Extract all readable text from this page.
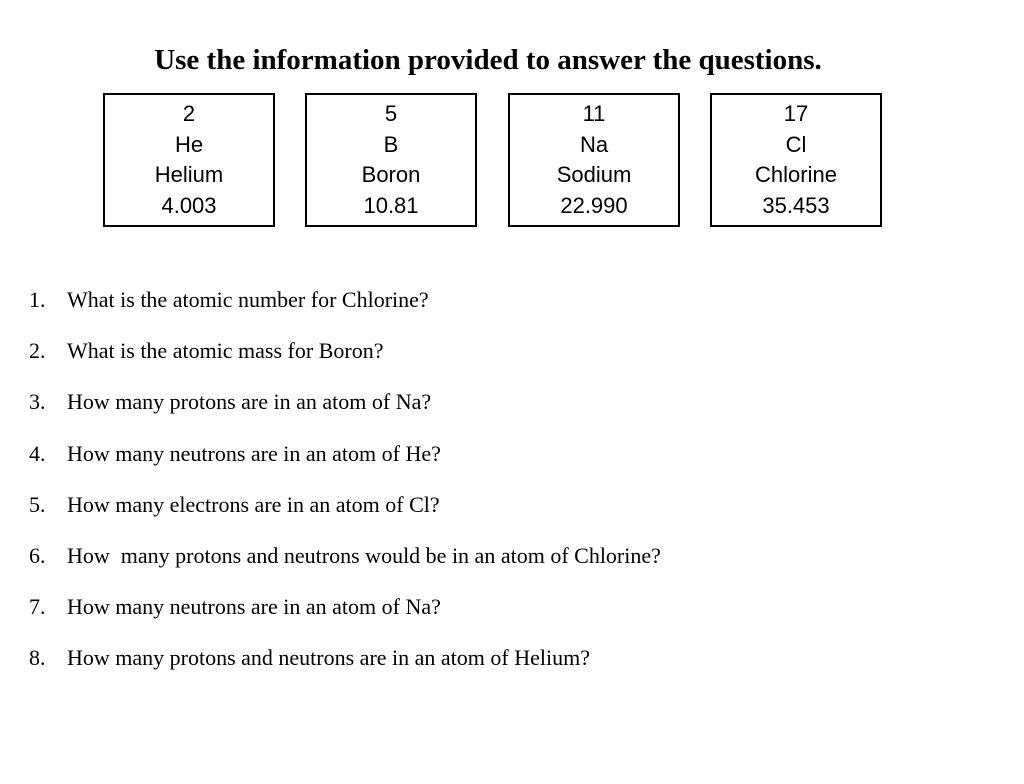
Use the information provided to answer the questions.
2
He
Helium
4.003
5
B
Boron
10.81
11
Na
Sodium
22.990
17
Cl
Chlorine
35.453

1.

What is the atomic number for Chlorine?

2.

What is the atomic mass for Boron?

3.

How many protons are in an atom of Na?

4.

How many neutrons are in an atom of He?

5.

How many electrons are in an atom of Cl?

6.

How  many protons and neutrons would be in an atom of Chlorine?

7.

How many neutrons are in an atom of Na?

8.

How many protons and neutrons are in an atom of Helium?
